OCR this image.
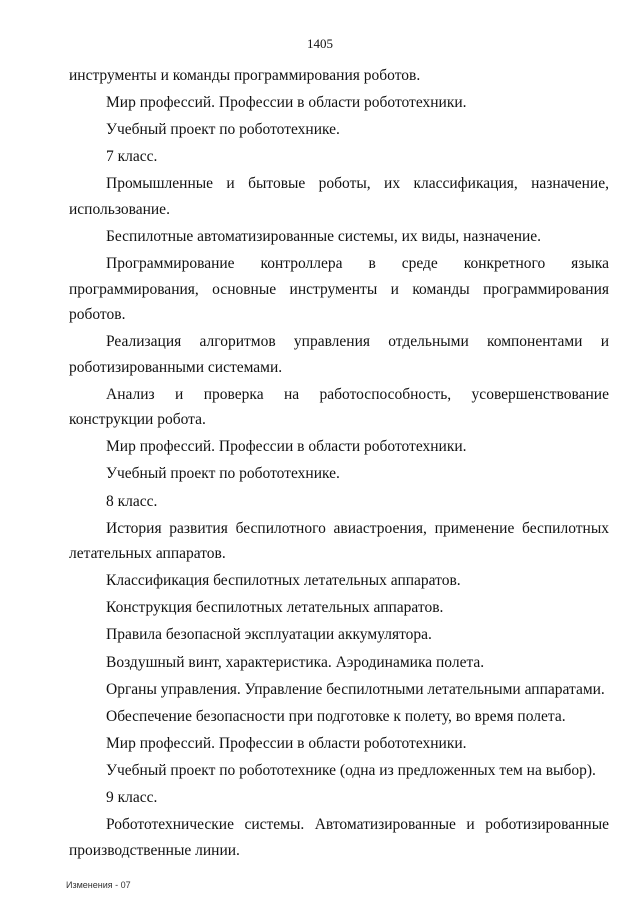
1405

инструменты и команды программирования роботов.

Мир профессий. Профессии в области робототехники.

Учебный проект по робототехнике.

7 класс.

Промышленные и бытовые роботы, их классификация, назначение, использование.

Беспилотные автоматизированные системы, их виды, назначение.

Программирование контроллера в среде конкретного языка программирования, основные инструменты и команды программирования роботов.

Реализация алгоритмов управления отдельными компонентами и роботизированными системами.

Анализ и проверка на работоспособность, усовершенствование конструкции робота.

Мир профессий. Профессии в области робототехники.

Учебный проект по робототехнике.

8 класс.

История развития беспилотного авиастроения, применение беспилотных летательных аппаратов.

Классификация беспилотных летательных аппаратов.

Конструкция беспилотных летательных аппаратов.

Правила безопасной эксплуатации аккумулятора.

Воздушный винт, характеристика. Аэродинамика полета.

Органы управления. Управление беспилотными летательными аппаратами.

Обеспечение безопасности при подготовке к полету, во время полета.

Мир профессий. Профессии в области робототехники.

Учебный проект по робототехнике (одна из предложенных тем на выбор).

9 класс.

Робототехнические системы. Автоматизированные и роботизированные производственные линии.

Изменения - 07
